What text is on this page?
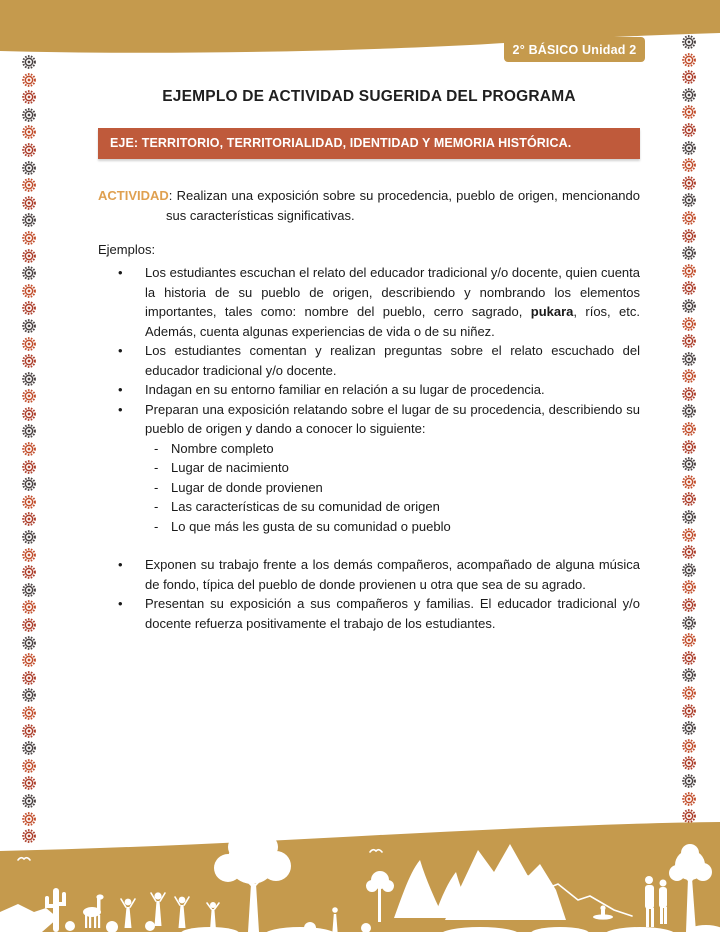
2° BÁSICO Unidad 2
EJEMPLO DE ACTIVIDAD SUGERIDA DEL PROGRAMA
EJE: TERRITORIO, TERRITORIALIDAD, IDENTIDAD Y MEMORIA HISTÓRICA.

ACTIVIDAD: Realizan una exposición sobre su procedencia, pueblo de origen, mencionando sus características significativas.

Ejemplos:
• Los estudiantes escuchan el relato del educador tradicional y/o docente, quien cuenta la historia de su pueblo de origen, describiendo y nombrando los elementos importantes, tales como: nombre del pueblo, cerro sagrado, pukara, ríos, etc. Además, cuenta algunas experiencias de vida o de su niñez.
• Los estudiantes comentan y realizan preguntas sobre el relato escuchado del educador tradicional y/o docente.
• Indagan en su entorno familiar en relación a su lugar de procedencia.
• Preparan una exposición relatando sobre el lugar de su procedencia, describiendo su pueblo de origen y dando a conocer lo siguiente:
- Nombre completo
- Lugar de nacimiento
- Lugar de donde provienen
- Las características de su comunidad de origen
- Lo que más les gusta de su comunidad o pueblo
• Exponen su trabajo frente a los demás compañeros, acompañado de alguna música de fondo, típica del pueblo de donde provienen u otra que sea de su agrado.
• Presentan su exposición a sus compañeros y familias. El educador tradicional y/o docente refuerza positivamente el trabajo de los estudiantes.
